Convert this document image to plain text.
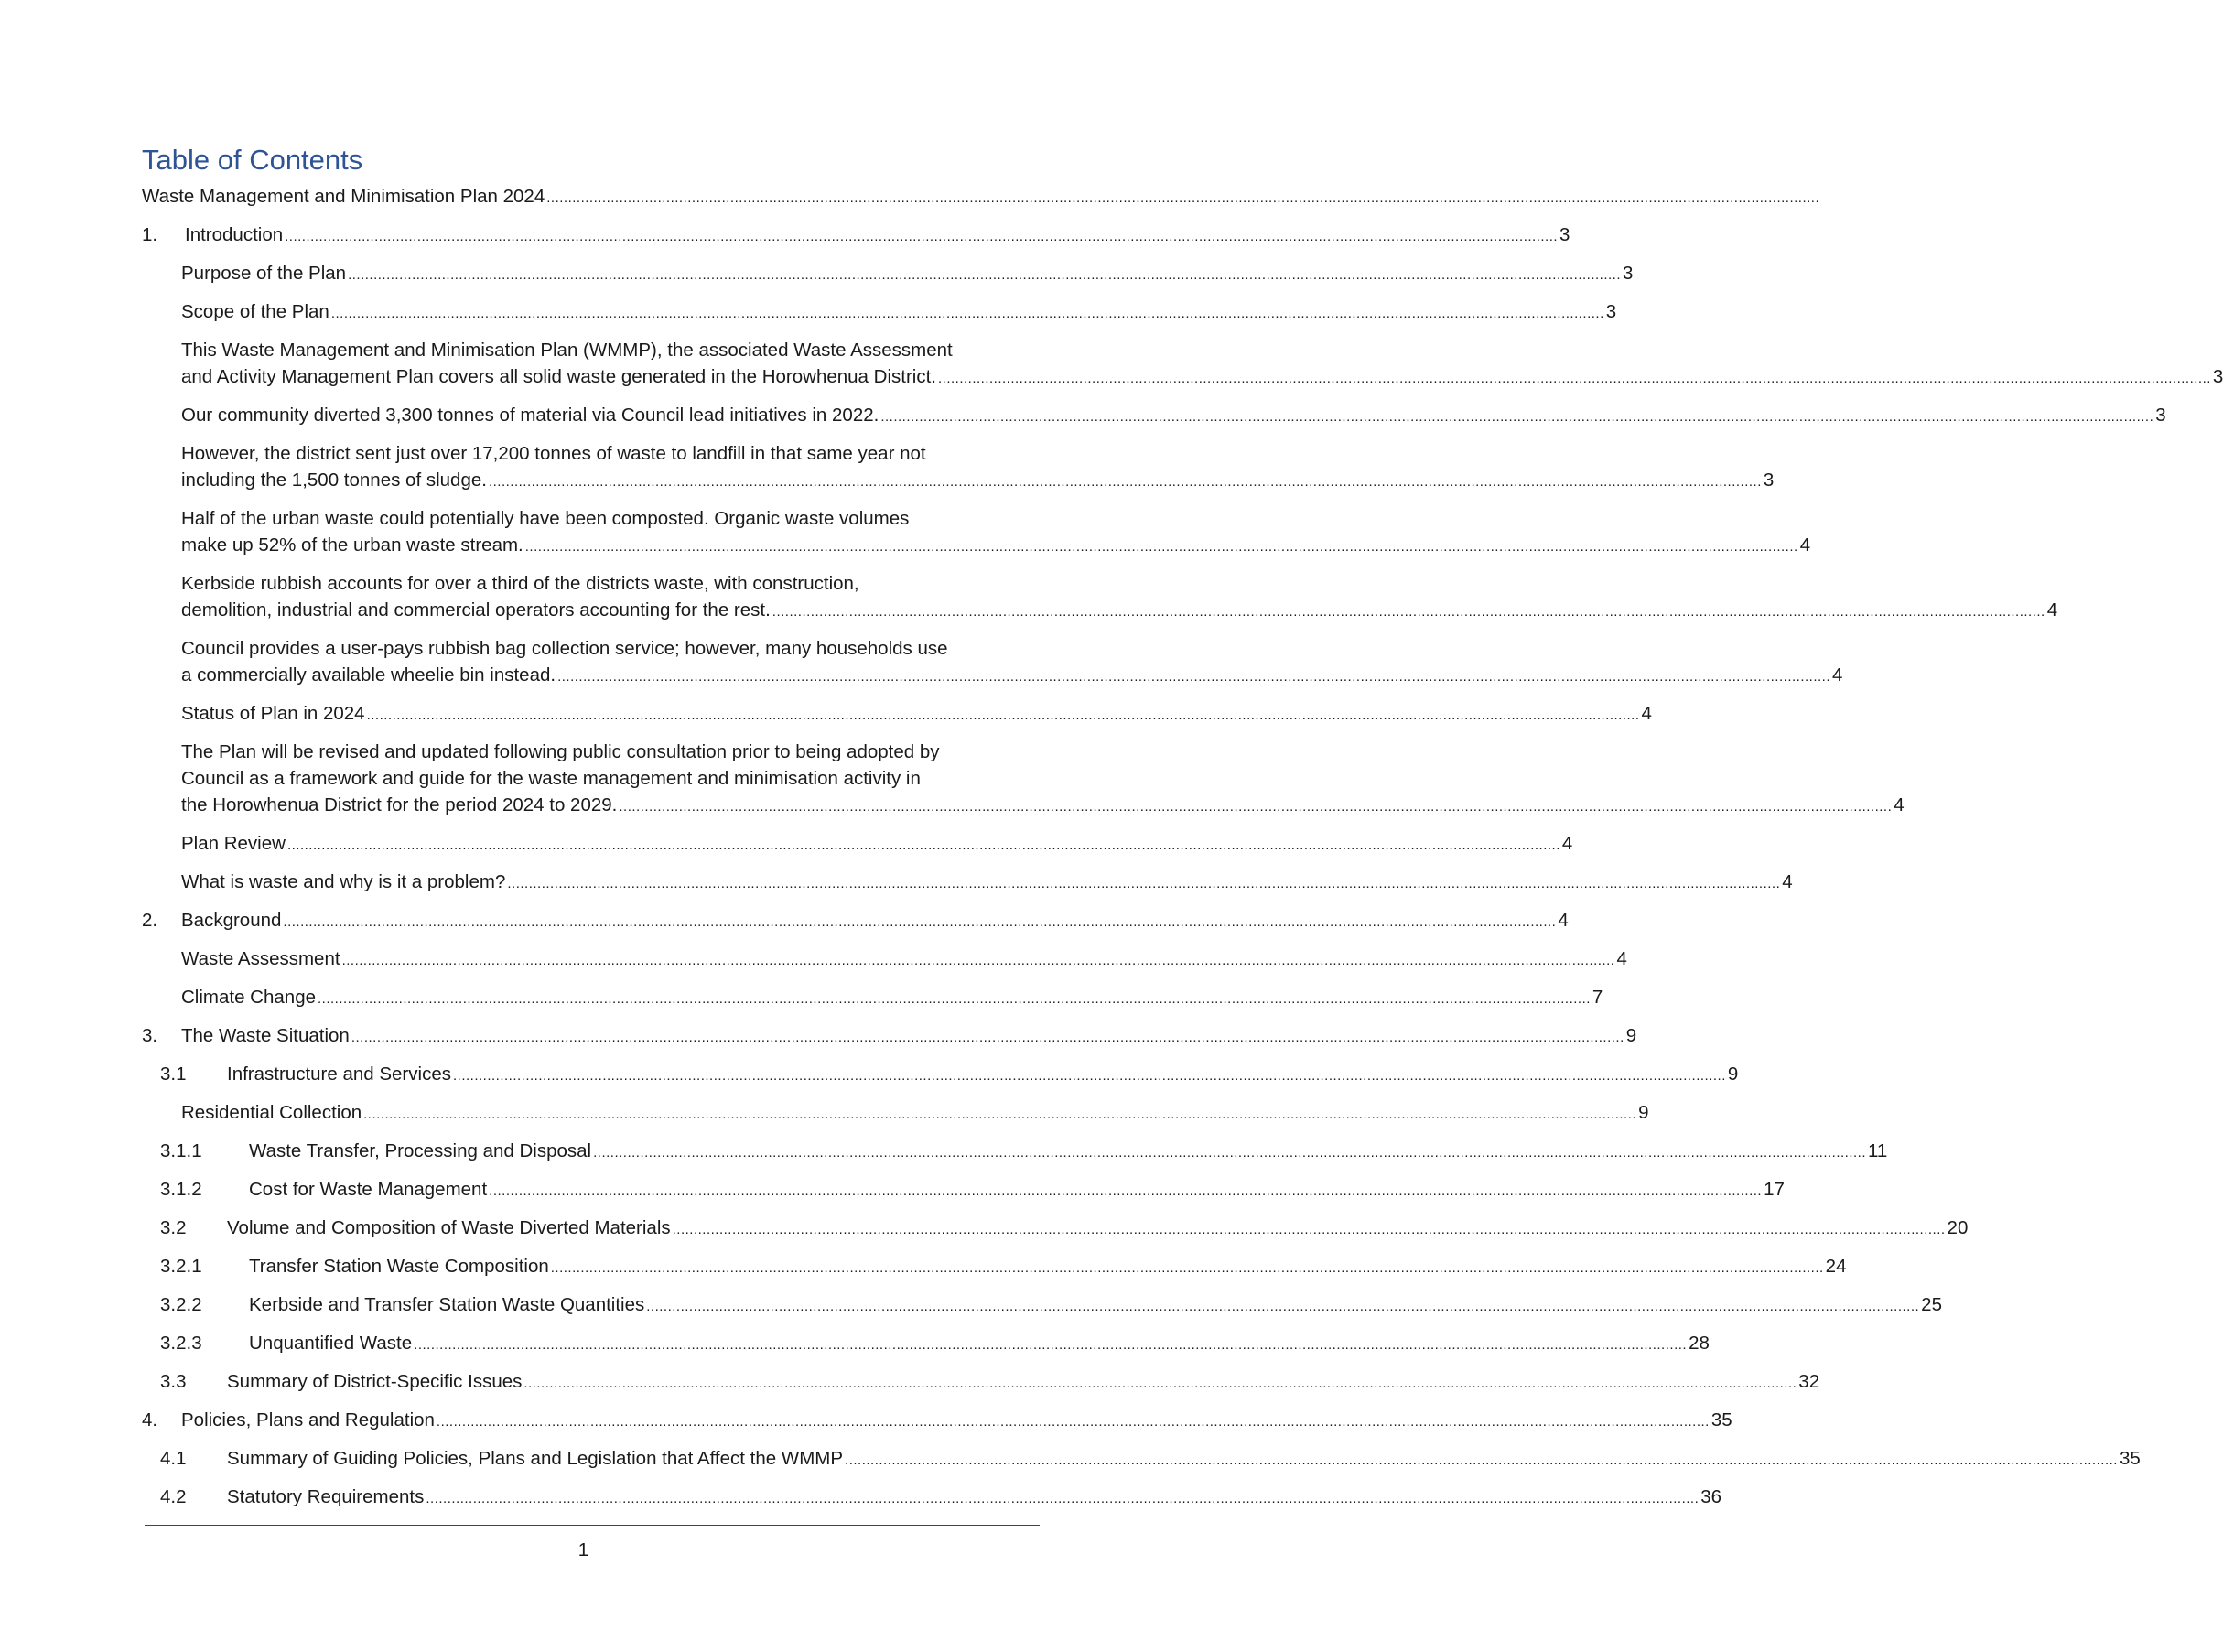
Table of Contents
Waste Management and Minimisation Plan 2024 ..........................................................................................................................................................................................................................................................................................................
1. Introduction .......................................................................................................................................................................................................................................................................................................... 3
Purpose of the Plan .......................................................................................................................................................................................................................................................................................................... 3
Scope of the Plan .......................................................................................................................................................................................................................................................................................................... 3
This Waste Management and Minimisation Plan (WMMP), the associated Waste Assessment
and Activity Management Plan covers all solid waste generated in the Horowhenua District. .......................................................................................................................................................................................................................................................................................................... 3
Our community diverted 3,300 tonnes of material via Council lead initiatives in 2022. .......................................................................................................................................................................................................................................................................................................... 3
However, the district sent just over 17,200 tonnes of waste to landfill in that same year not
including the 1,500 tonnes of sludge. .......................................................................................................................................................................................................................................................................................................... 3
Half of the urban waste could potentially have been composted. Organic waste volumes
make up 52% of the urban waste stream. .......................................................................................................................................................................................................................................................................................................... 4
Kerbside rubbish accounts for over a third of the districts waste, with construction,
demolition, industrial and commercial operators accounting for the rest. .......................................................................................................................................................................................................................................................................................................... 4
Council provides a user-pays rubbish bag collection service; however, many households use
a commercially available wheelie bin instead. .......................................................................................................................................................................................................................................................................................................... 4
Status of Plan in 2024 .......................................................................................................................................................................................................................................................................................................... 4
The Plan will be revised and updated following public consultation prior to being adopted by
Council as a framework and guide for the waste management and minimisation activity in
the Horowhenua District for the period 2024 to 2029. .......................................................................................................................................................................................................................................................................................................... 4
Plan Review .......................................................................................................................................................................................................................................................................................................... 4
What is waste and why is it a problem? .......................................................................................................................................................................................................................................................................................................... 4
2. Background .......................................................................................................................................................................................................................................................................................................... 4
Waste Assessment .......................................................................................................................................................................................................................................................................................................... 4
Climate Change .......................................................................................................................................................................................................................................................................................................... 7
3. The Waste Situation .......................................................................................................................................................................................................................................................................................................... 9
3.1 Infrastructure and Services .......................................................................................................................................................................................................................................................................................................... 9
Residential Collection .......................................................................................................................................................................................................................................................................................................... 9
3.1.1	Waste Transfer, Processing and Disposal .......................................................................................................................................................................................................................................................................................................... 11
3.1.2	Cost for Waste Management .......................................................................................................................................................................................................................................................................................................... 17
3.2 Volume and Composition of Waste Diverted Materials .......................................................................................................................................................................................................................................................................................................... 20
3.2.1	Transfer Station Waste Composition .......................................................................................................................................................................................................................................................................................................... 24
3.2.2	Kerbside and Transfer Station Waste Quantities .......................................................................................................................................................................................................................................................................................................... 25
3.2.3	Unquantified Waste .......................................................................................................................................................................................................................................................................................................... 28
3.3 Summary of District-Specific Issues .......................................................................................................................................................................................................................................................................................................... 32
4. Policies, Plans and Regulation .......................................................................................................................................................................................................................................................................................................... 35
4.1 Summary of Guiding Policies, Plans and Legislation that Affect the WMMP .......................................................................................................................................................................................................................................................................................................... 35
4.2 Statutory Requirements .......................................................................................................................................................................................................................................................................................................... 36
1
